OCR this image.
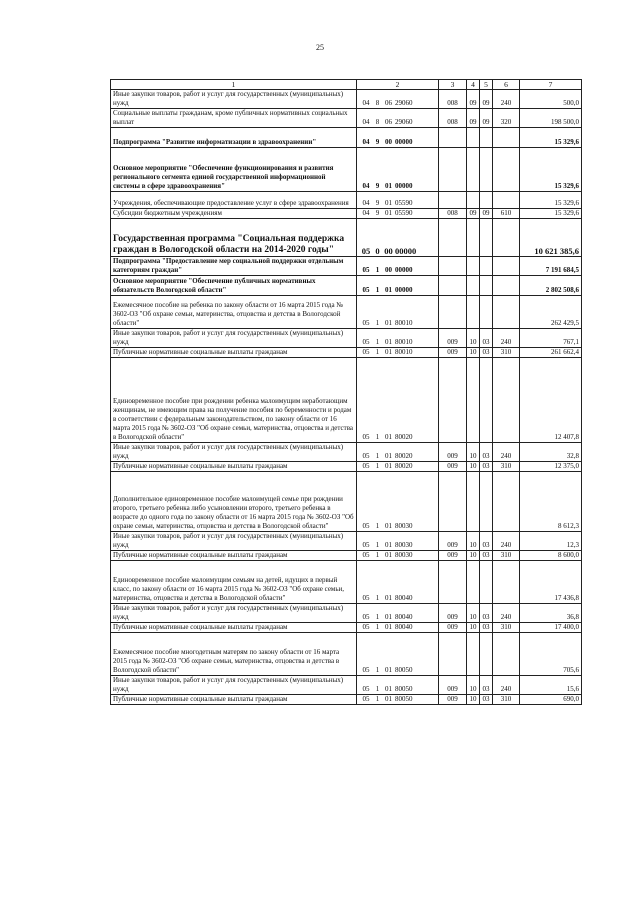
25
1	2	3	4	5	6	7
Иные закупки товаров, работ и услуг для государственных (муниципальных) нужд	04 8 06 29060	008	09	09	240	500,0
Социальные выплаты гражданам, кроме публичных нормативных социальных выплат	04 8 06 29060	008	09	09	320	198 500,0
Подпрограмма "Развитие информатизации в здравоохранении"	04 9 00 00000					15 329,6
Основное мероприятие "Обеспечение функционирования и развития регионального сегмента единой государственной информационной системы в сфере здравоохранения"	04 9 01 00000					15 329,6
Учреждения, обеспечивающие предоставление услуг в сфере здравоохранения	04 9 01 05590					15 329,6
Субсидии бюджетным учреждениям	04 9 01 05590	008	09	09	610	15 329,6
Государственная программа "Социальная поддержка граждан в Вологодской области на 2014-2020 годы"	05 0 00 00000					10 621 385,6
Подпрограмма "Предоставление мер социальной поддержки отдельным категориям граждан"	05 1 00 00000					7 191 684,5
Основное мероприятие "Обеспечение публичных нормативных обязательств Вологодской области"	05 1 01 00000					2 802 508,6
Ежемесячное пособие на ребенка по закону области от 16 марта 2015 года № 3602-ОЗ "Об охране семьи, материнства, отцовства и детства в Вологодской области"	05 1 01 80010					262 429,5
Иные закупки товаров, работ и услуг для государственных (муниципальных) нужд	05 1 01 80010	009	10	03	240	767,1
Публичные нормативные социальные выплаты гражданам	05 1 01 80010	009	10	03	310	261 662,4
Единовременное пособие при рождении ребенка малоимущим неработающим женщинам, не имеющим права на получение пособия по беременности и родам в соответствии с федеральным законодательством, по закону области от 16 марта 2015 года № 3602-ОЗ "Об охране семьи, материнства, отцовства и детства в Вологодской области"	05 1 01 80020					12 407,8
Иные закупки товаров, работ и услуг для государственных (муниципальных) нужд	05 1 01 80020	009	10	03	240	32,8
Публичные нормативные социальные выплаты гражданам	05 1 01 80020	009	10	03	310	12 375,0
Дополнительное единовременное пособие малоимущей семье при рождении второго, третьего ребенка либо усыновлении второго, третьего ребенка в возрасте до одного года по закону области от 16 марта 2015 года № 3602-ОЗ "Об охране семьи, материнства, отцовства и детства в Вологодской области"	05 1 01 80030					8 612,3
Иные закупки товаров, работ и услуг для государственных (муниципальных) нужд	05 1 01 80030	009	10	03	240	12,3
Публичные нормативные социальные выплаты гражданам	05 1 01 80030	009	10	03	310	8 600,0
Единовременное пособие малоимущим семьям на детей, идущих в первый класс, по закону области от 16 марта 2015 года № 3602-ОЗ "Об охране семьи, материнства, отцовства и детства в Вологодской области"	05 1 01 80040					17 436,8
Иные закупки товаров, работ и услуг для государственных (муниципальных) нужд	05 1 01 80040	009	10	03	240	36,8
Публичные нормативные социальные выплаты гражданам	05 1 01 80040	009	10	03	310	17 400,0
Ежемесячное пособие многодетным матерям по закону области от 16 марта 2015 года № 3602-ОЗ "Об охране семьи, материнства, отцовства и детства в Вологодской области"	05 1 01 80050					705,6
Иные закупки товаров, работ и услуг для государственных (муниципальных) нужд	05 1 01 80050	009	10	03	240	15,6
Публичные нормативные социальные выплаты гражданам	05 1 01 80050	009	10	03	310	690,0
